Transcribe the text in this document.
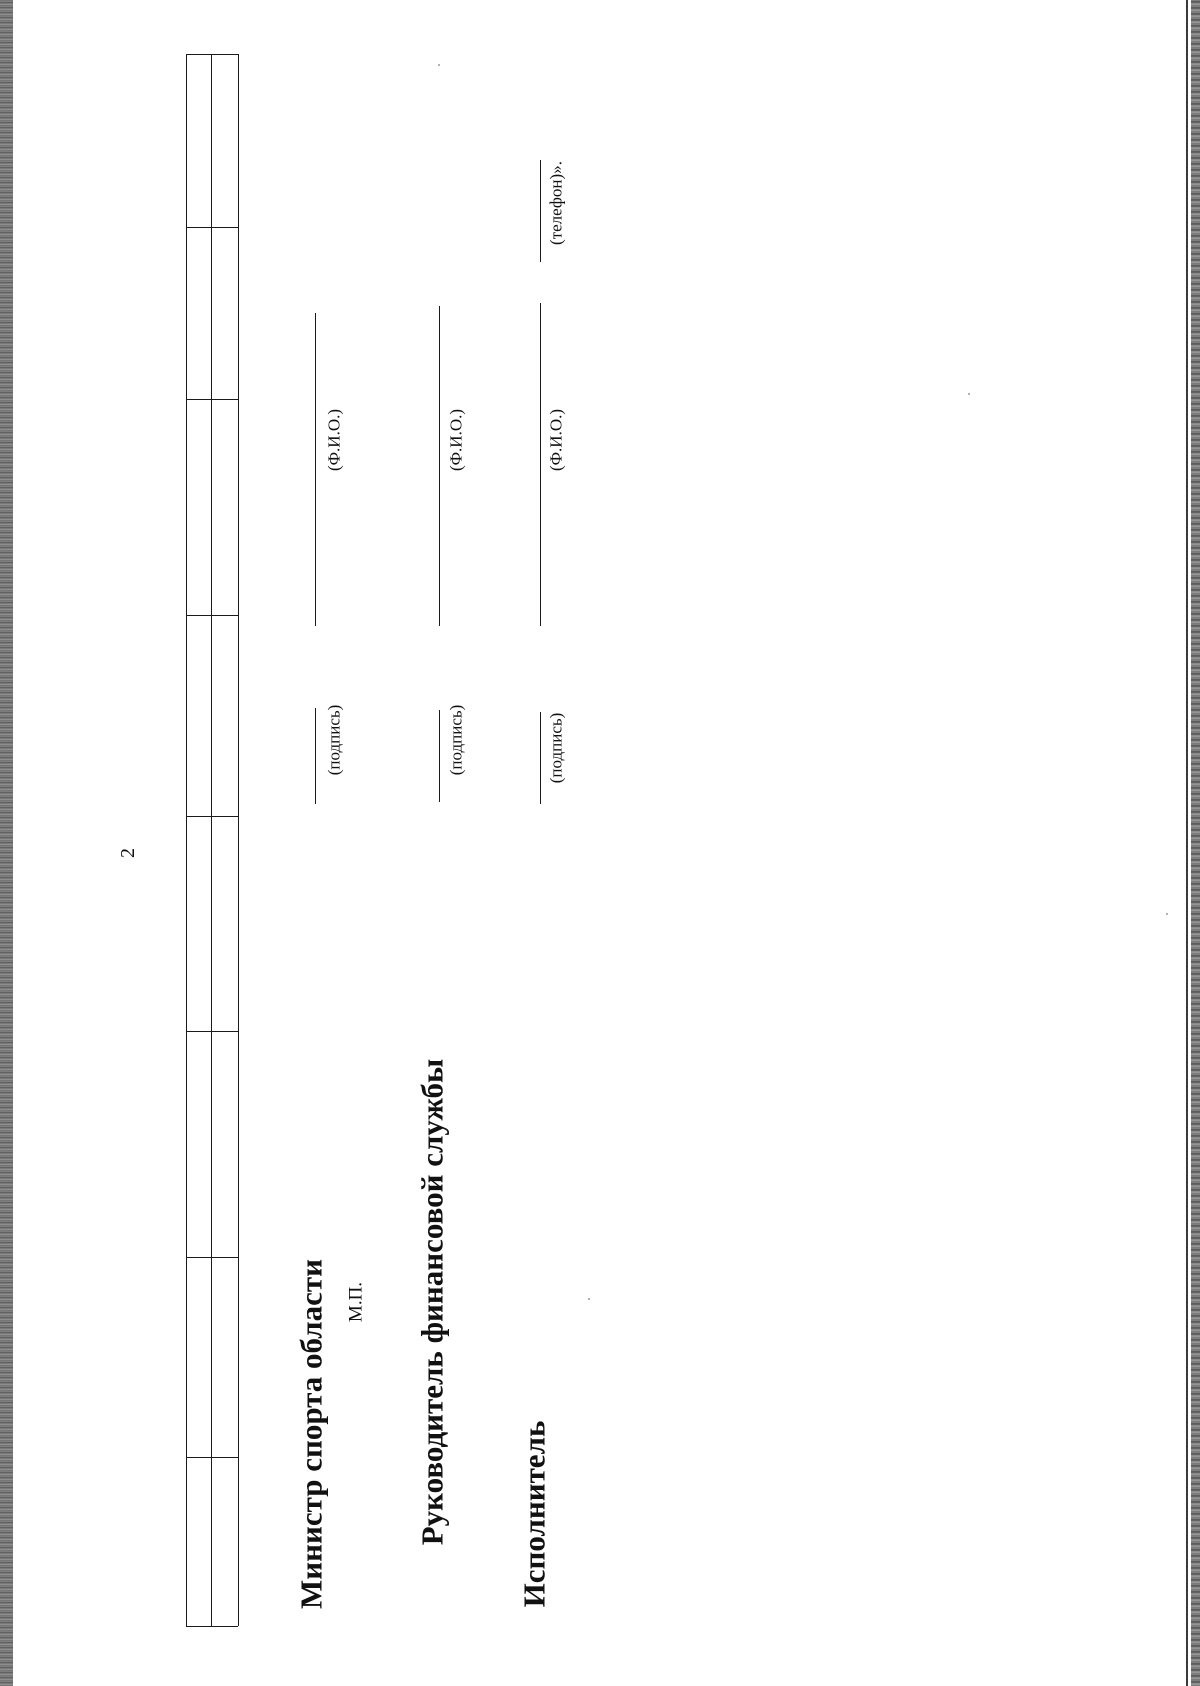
2
Министр спорта области М.П.
(подпись)
(Ф.И.О.)
Руководитель финансовой службы
(подпись)
(Ф.И.О.)
Исполнитель
(подпись)
(Ф.И.О.)
(телефон)».
